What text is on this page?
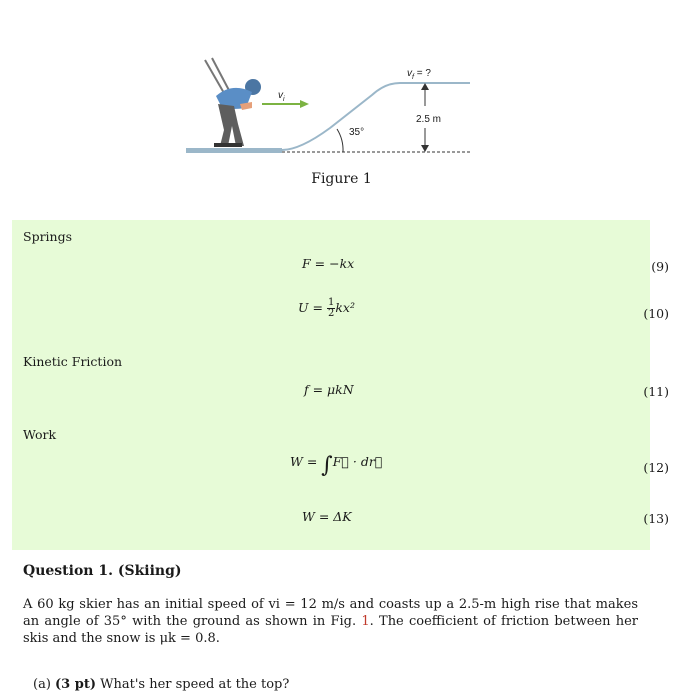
$v_i$
$v_f$ = ?
35°
2.5 m
Figure 1
Springs
F = −kx	(9)
$U = \frac{1}{2} kx^2$	(10)
Kinetic Friction
f = μkN	(11)
Work
W = ∫F⃗ · dr⃗	(12)
W = ΔK	(13)
Question 1. (Skiing)
A 60 kg skier has an initial speed of vi = 12 m/s and coasts up a 2.5-m high rise that makes an angle of 35° with the ground as shown in Fig. 1. The coefficient of friction between her skis and the snow is μk = 0.8.
(a) (3 pt) What's her speed at the top?
